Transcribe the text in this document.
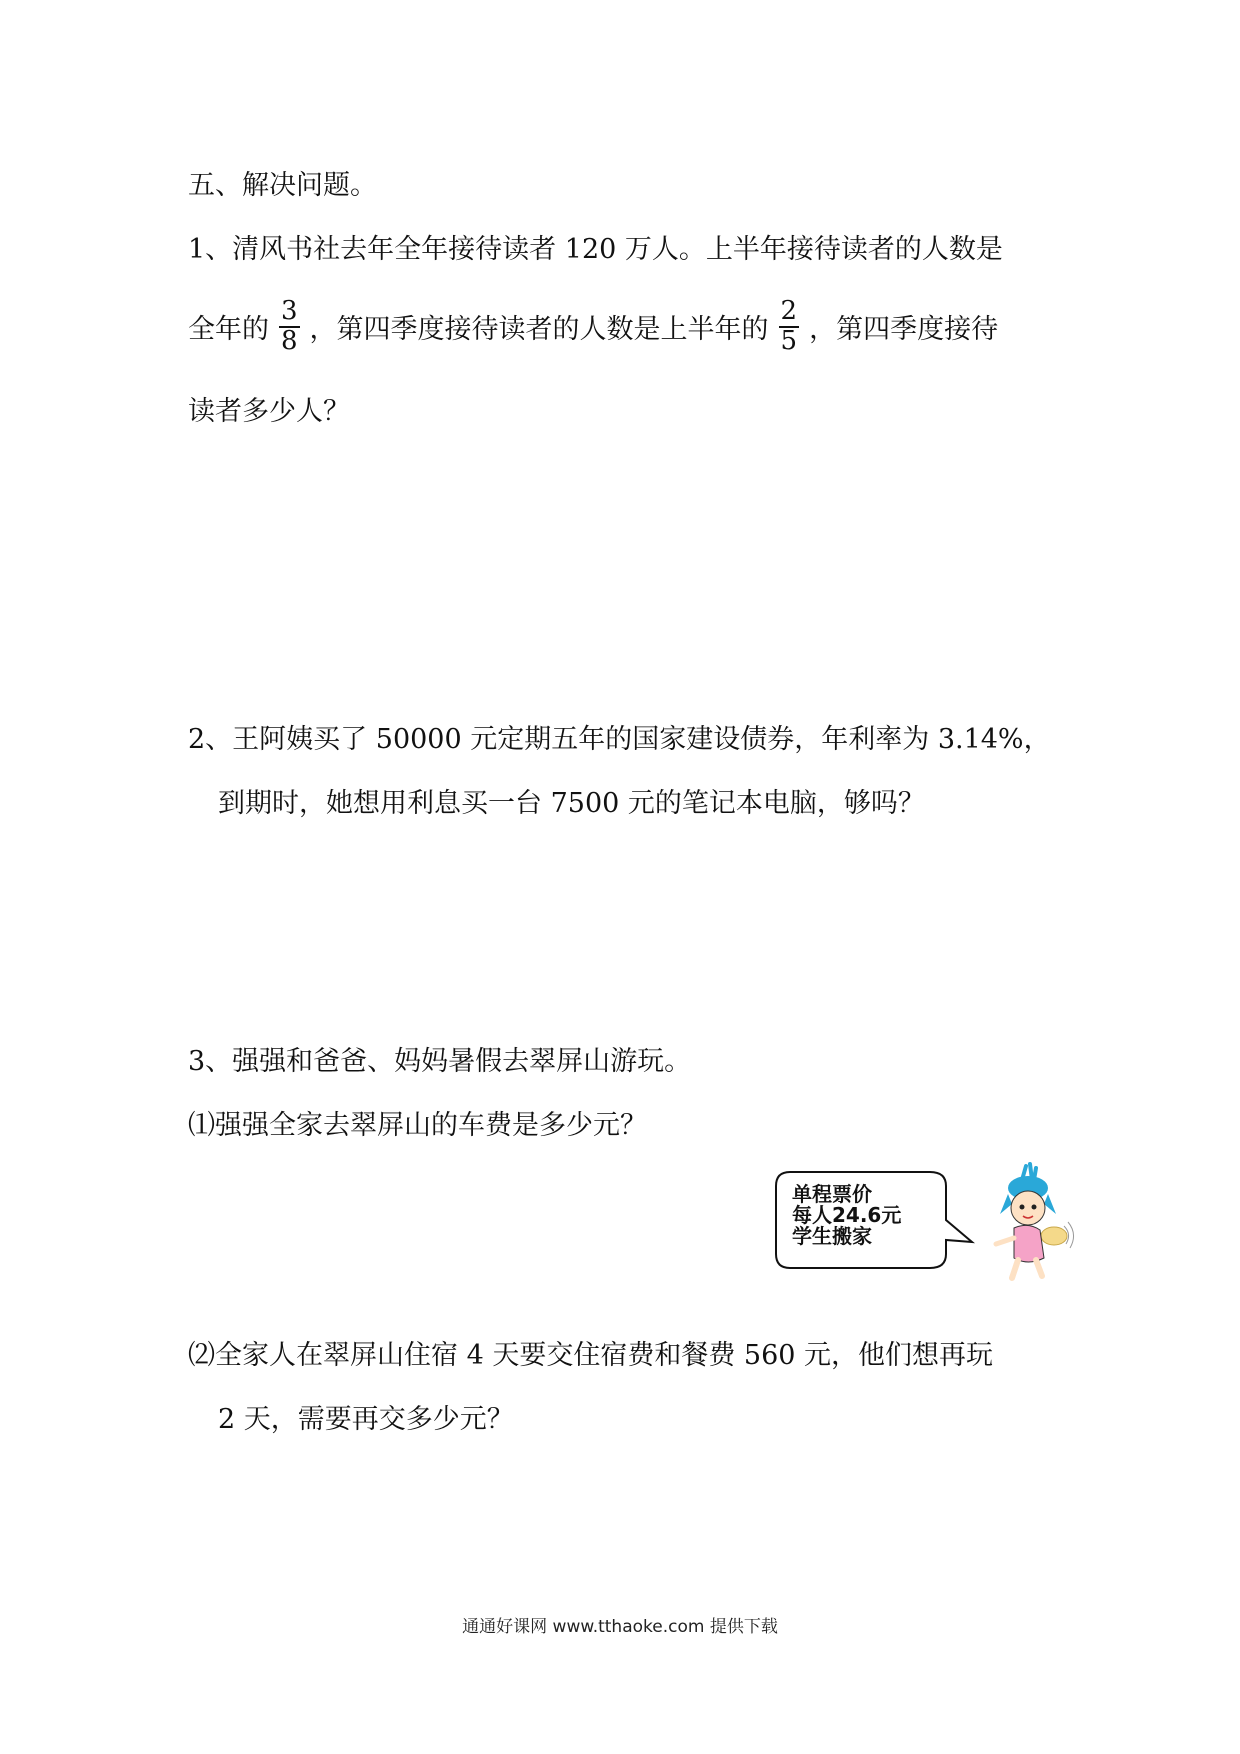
五、解决问题。
1、清风书社去年全年接待读者 120 万人。上半年接待读者的人数是
全年的 $\frac{3}{8}$ ，第四季度接待读者的人数是上半年的 $\frac{2}{5}$ ，第四季度接待
读者多少人？
2、王阿姨买了 50000 元定期五年的国家建设债券，年利率为 3.14%，
到期时，她想用利息买一台 7500 元的笔记本电脑，够吗？
3、强强和爸爸、妈妈暑假去翠屏山游玩。
⑴强强全家去翠屏山的车费是多少元？
单程票价
每人24.6元
学生搬家
⑵全家人在翠屏山住宿 4 天要交住宿费和餐费 560 元，他们想再玩
2 天，需要再交多少元？
通通好课网 www.tthaoke.com 提供下载
